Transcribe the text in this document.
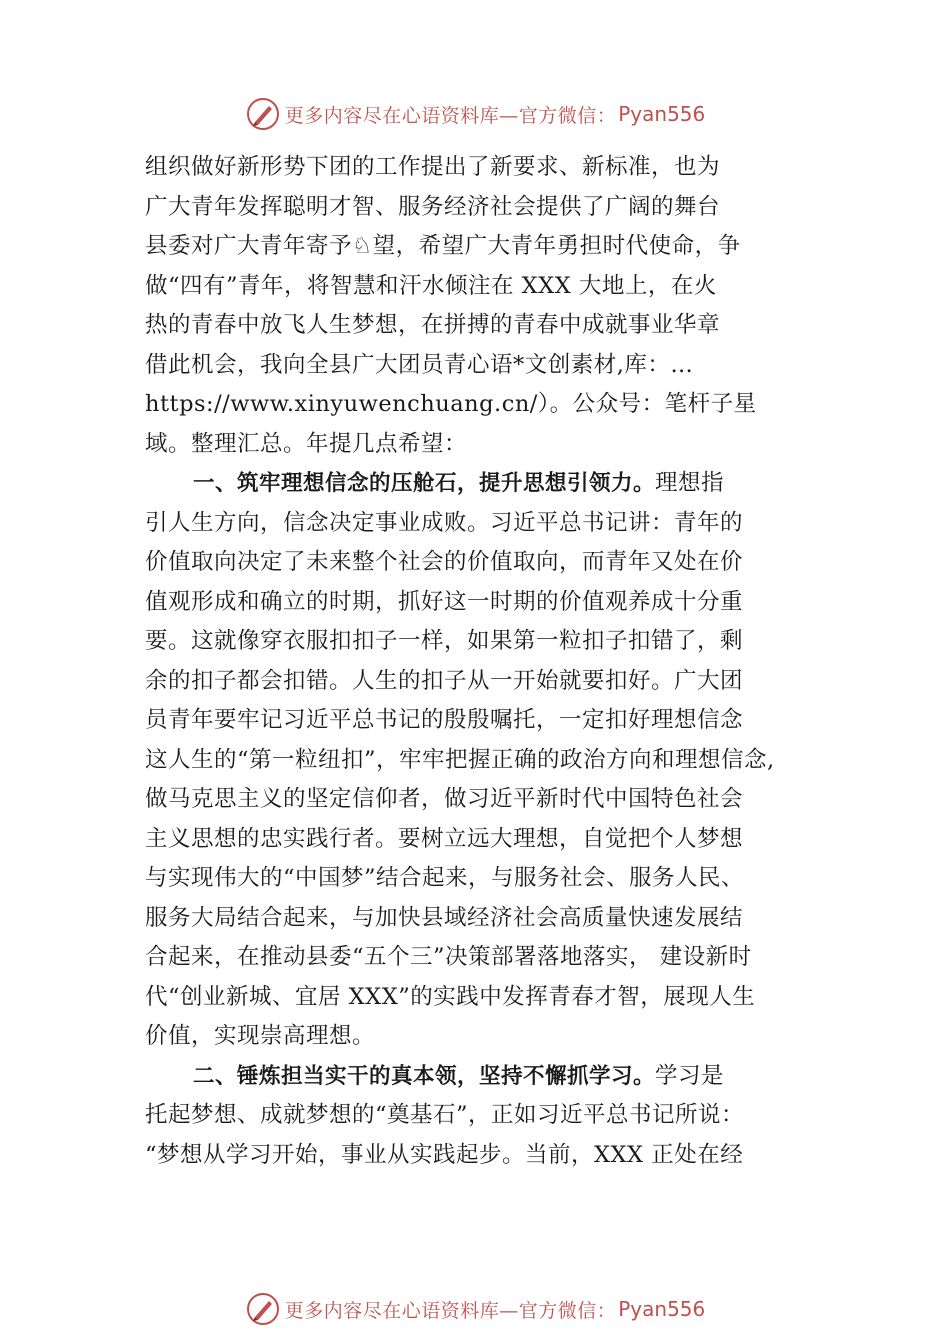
更多内容尽在心语资料库—官方微信： Pyan556
组织做好新形势下团的工作提出了新要求、新标准，也为
广大青年发挥聪明才智、服务经济社会提供了广阔的舞台
县委对广大青年寄予♘望，希望广大青年勇担时代使命，争
做“四有”青年，将智慧和汗水倾注在 XXX 大地上，在火
热的青春中放飞人生梦想，在拼搏的青春中成就事业华章
借此机会，我向全县广大团员青心语*文创素材,库：…
https://www.xinyuwenchuang.cn/）。公众号：笔杆子星
域。整理汇总。年提几点希望：
一、筑牢理想信念的压舱石，提升思想引领力。理想指
引人生方向，信念决定事业成败。习近平总书记讲：青年的
价值取向决定了未来整个社会的价值取向，而青年又处在价
值观形成和确立的时期，抓好这一时期的价值观养成十分重
要。这就像穿衣服扣扣子一样，如果第一粒扣子扣错了，剩
余的扣子都会扣错。人生的扣子从一开始就要扣好。广大团
员青年要牢记习近平总书记的殷殷嘱托，一定扣好理想信念
这人生的“第一粒纽扣”，牢牢把握正确的政治方向和理想信念,
做马克思主义的坚定信仰者，做习近平新时代中国特色社会
主义思想的忠实践行者。要树立远大理想，自觉把个人梦想
与实现伟大的“中国梦”结合起来，与服务社会、服务人民、
服务大局结合起来，与加快县域经济社会高质量快速发展结
合起来，在推动县委“五个三”决策部署落地落实， 建设新时
代“创业新城、宜居 XXX”的实践中发挥青春才智，展现人生
价值，实现崇高理想。
二、锤炼担当实干的真本领，坚持不懈抓学习。学习是
托起梦想、成就梦想的“奠基石”，正如习近平总书记所说：
“梦想从学习开始，事业从实践起步。当前，XXX 正处在经
更多内容尽在心语资料库—官方微信： Pyan556
